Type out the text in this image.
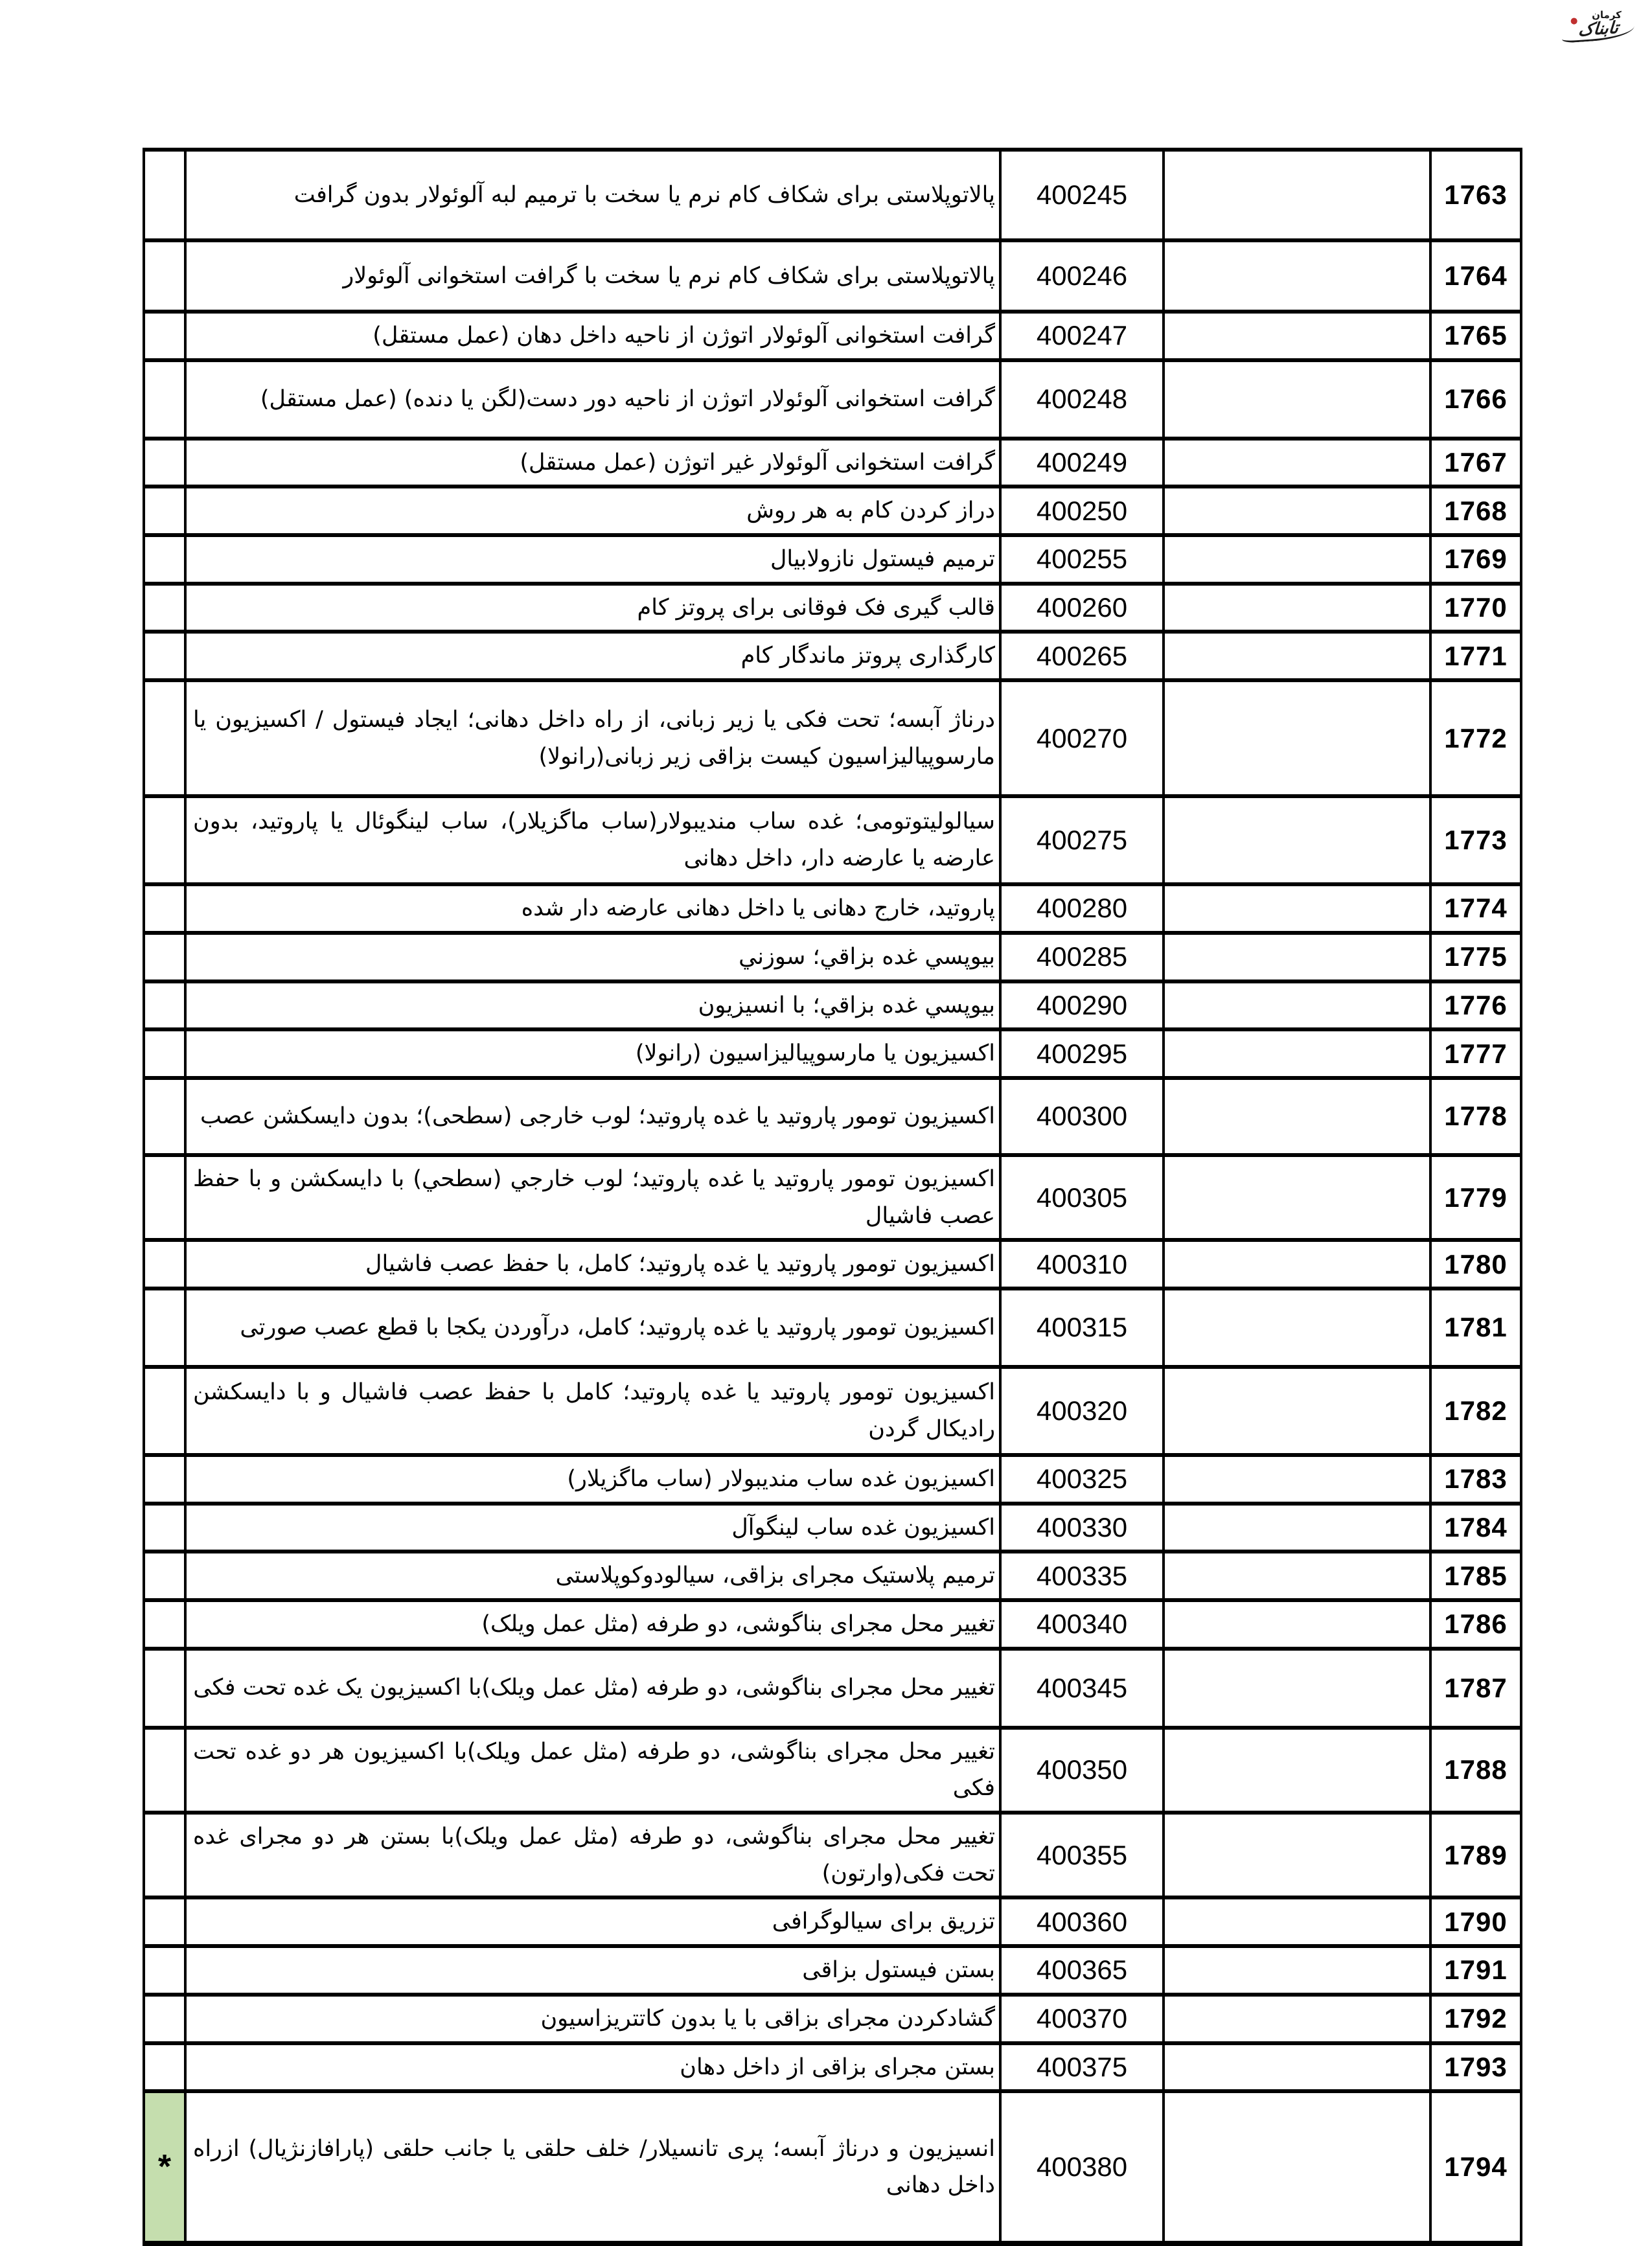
کرمان
تابناک
●
1763		400245	پالاتوپلاستی برای شکاف کام نرم یا سخت با ترمیم لبه آلوئولار بدون گرافت	
1764		400246	پالاتوپلاستی برای شکاف کام نرم یا سخت با گرافت استخوانی آلوئولار	
1765		400247	گرافت استخوانی آلوئولار اتوژن از ناحیه داخل دهان (عمل مستقل)	
1766		400248	گرافت استخوانی آلوئولار اتوژن از ناحیه دور دست(لگن یا دنده) (عمل مستقل)	
1767		400249	گرافت استخوانی آلوئولار غیر اتوژن (عمل مستقل)	
1768		400250	دراز کردن کام به هر روش	
1769		400255	ترمیم فیستول نازولابیال	
1770		400260	قالب گیری فک فوقانی برای پروتز کام	
1771		400265	کارگذاری پروتز ماندگار کام	
1772		400270	درناژ آبسه؛ تحت فکی یا زیر زبانی، از راه داخل دهانی؛ ایجاد فیستول / اکسیزیون یا مارسوپیالیزاسیون کیست بزاقی زیر زبانی(رانولا)	
1773		400275	سیالولیتوتومی؛ غده ساب مندیبولار(ساب ماگزیلار)، ساب لینگوئال یا پاروتید، بدون عارضه یا عارضه دار، داخل دهانی	
1774		400280	پاروتید، خارج دهانی یا داخل دهانی عارضه دار شده	
1775		400285	بیوپسي غده بزاقي؛ سوزني	
1776		400290	بیوپسي غده بزاقي؛ با انسیزیون	
1777		400295	اکسیزیون یا مارسوپیالیزاسیون (رانولا)	
1778		400300	اکسیزیون تومور پاروتید یا غده پاروتید؛ لوب خارجی (سطحی)؛ بدون دایسکشن عصب	
1779		400305	اکسیزیون تومور پاروتید یا غده پاروتید؛ لوب خارجي (سطحي) با دایسکشن و با حفظ عصب فاشیال	
1780		400310	اکسیزیون تومور پاروتید یا غده پاروتید؛ کامل، با حفظ عصب فاشیال	
1781		400315	اکسیزیون تومور پاروتید یا غده پاروتید؛ کامل، درآوردن یکجا با قطع عصب صورتی	
1782		400320	اکسیزیون تومور پاروتید یا غده پاروتید؛ کامل با حفظ عصب فاشیال و با دایسکشن رادیکال گردن	
1783		400325	اکسیزیون غده ساب مندیبولار (ساب ماگزیلار)	
1784		400330	اکسیزیون غده ساب لینگوآل	
1785		400335	ترمیم پلاستیک مجرای بزاقی، سیالودوکوپلاستی	
1786		400340	تغییر محل مجرای بناگوشی، دو طرفه (مثل عمل ویلک)	
1787		400345	تغییر محل مجرای بناگوشی، دو طرفه (مثل عمل ویلک)با اکسیزیون یک غده تحت فکی	
1788		400350	تغییر محل مجرای بناگوشی، دو طرفه (مثل عمل ویلک)با اکسیزیون هر دو غده تحت فکی	
1789		400355	تغییر محل مجرای بناگوشی، دو طرفه (مثل عمل ویلک)با بستن هر دو مجرای غده تحت فکی(وارتون)	
1790		400360	تزریق برای سیالوگرافی	
1791		400365	بستن فیستول بزاقی	
1792		400370	گشادکردن مجرای بزاقی با یا بدون کاتتریزاسیون	
1793		400375	بستن مجرای بزاقی از داخل دهان	
1794		400380	انسیزیون و درناژ آبسه؛ پری تانسیلار/ خلف حلقی یا جانب حلقی (پارافازنژیال) ازراه داخل دهانی	*
